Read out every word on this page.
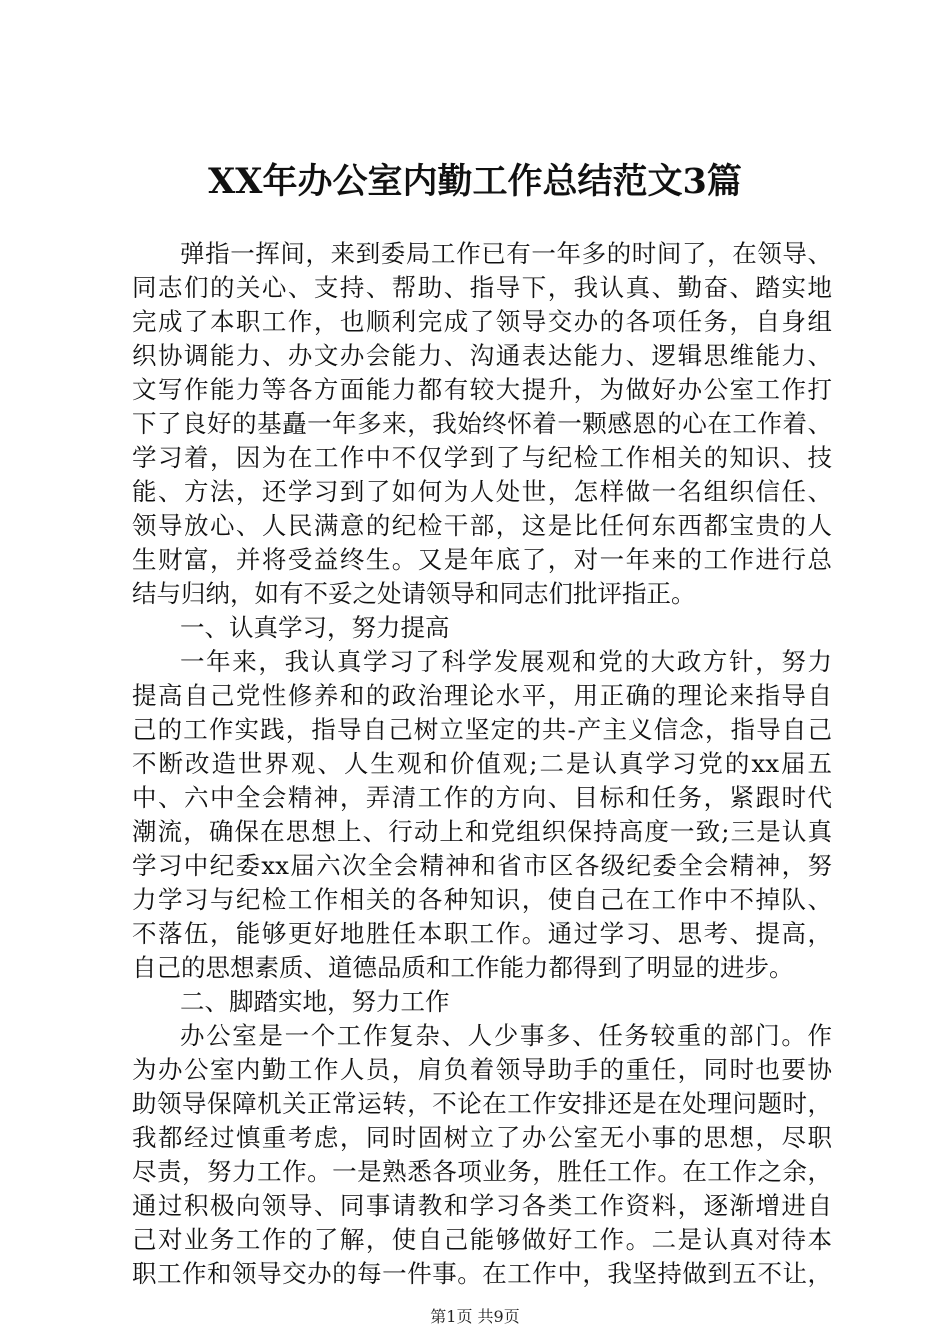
XX年办公室内勤工作总结范文3篇
弹指一挥间，来到委局工作已有一年多的时间了，在领导、
同志们的关心、支持、帮助、指导下，我认真、勤奋、踏实地
完成了本职工作，也顺利完成了领导交办的各项任务，自身组
织协调能力、办文办会能力、沟通表达能力、逻辑思维能力、
文写作能力等各方面能力都有较大提升，为做好办公室工作打
下了良好的基矗一年多来，我始终怀着一颗感恩的心在工作着、
学习着，因为在工作中不仅学到了与纪检工作相关的知识、技
能、方法，还学习到了如何为人处世，怎样做一名组织信任、
领导放心、人民满意的纪检干部，这是比任何东西都宝贵的人
生财富，并将受益终生。又是年底了，对一年来的工作进行总
结与归纳，如有不妥之处请领导和同志们批评指正。
一、认真学习，努力提高
一年来，我认真学习了科学发展观和党的大政方针，努力
提高自己党性修养和的政治理论水平，用正确的理论来指导自
己的工作实践，指导自己树立坚定的共-产主义信念，指导自己
不断改造世界观、人生观和价值观;二是认真学习党的xx届五
中、六中全会精神，弄清工作的方向、目标和任务，紧跟时代
潮流，确保在思想上、行动上和党组织保持高度一致;三是认真
学习中纪委xx届六次全会精神和省市区各级纪委全会精神，努
力学习与纪检工作相关的各种知识，使自己在工作中不掉队、
不落伍，能够更好地胜任本职工作。通过学习、思考、提高，
自己的思想素质、道德品质和工作能力都得到了明显的进步。
二、脚踏实地，努力工作
办公室是一个工作复杂、人少事多、任务较重的部门。作
为办公室内勤工作人员，肩负着领导助手的重任，同时也要协
助领导保障机关正常运转，不论在工作安排还是在处理问题时，
我都经过慎重考虑，同时固树立了办公室无小事的思想，尽职
尽责，努力工作。一是熟悉各项业务，胜任工作。在工作之余，
通过积极向领导、同事请教和学习各类工作资料，逐渐增进自
己对业务工作的了解，使自己能够做好工作。二是认真对待本
职工作和领导交办的每一件事。在工作中，我坚持做到五不让，
第1页 共9页
